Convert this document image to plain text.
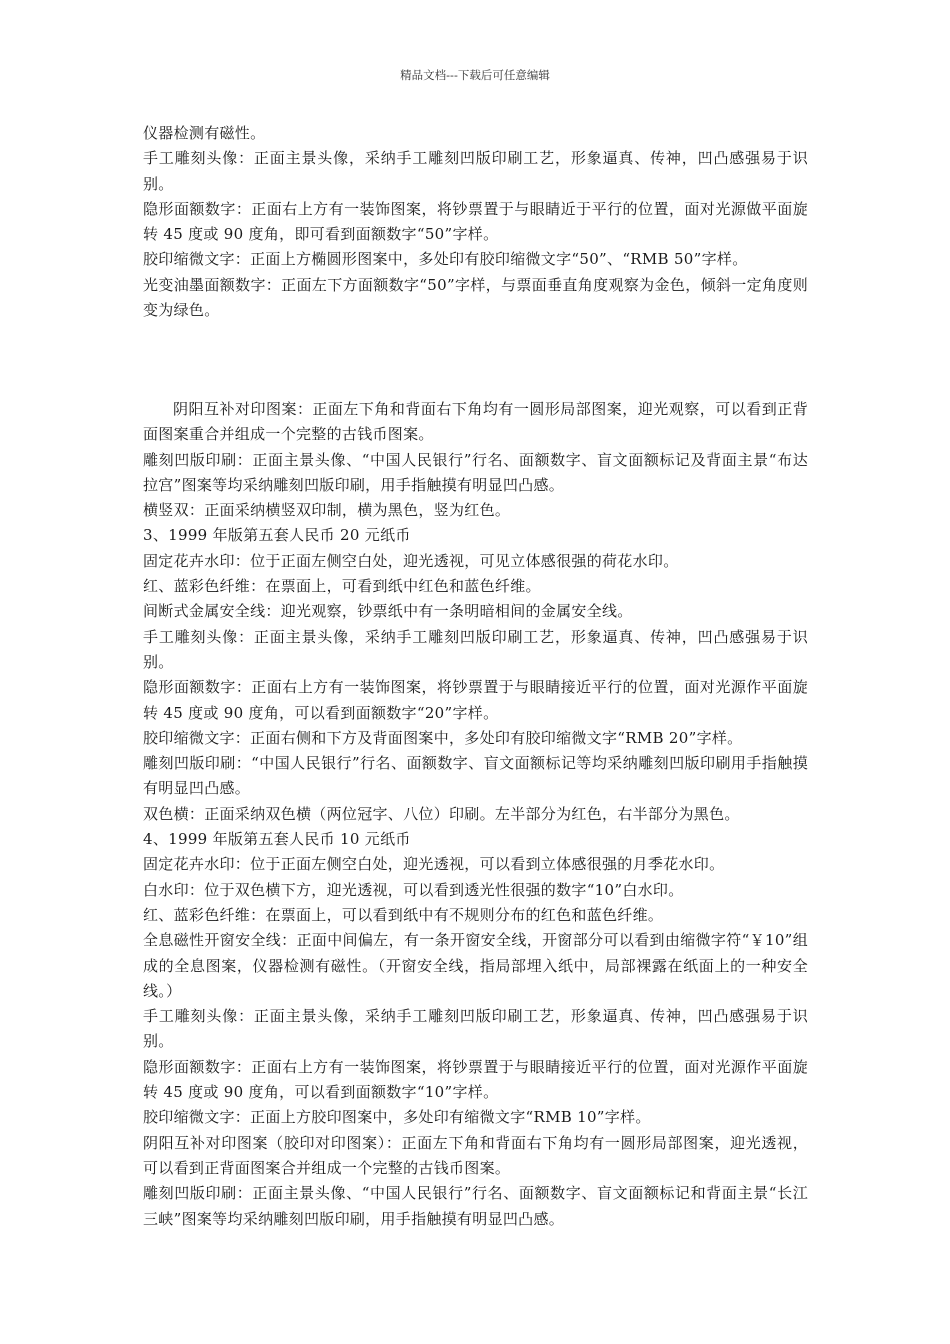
精品文档---下载后可任意编辑

仪器检测有磁性。

手工雕刻头像：正面主景头像，采纳手工雕刻凹版印刷工艺，形象逼真、传神，凹凸感强易于识别。

隐形面额数字：正面右上方有一装饰图案，将钞票置于与眼睛近于平行的位置，面对光源做平面旋转 45 度或 90 度角，即可看到面额数字“50”字样。

胶印缩微文字：正面上方椭圆形图案中，多处印有胶印缩微文字“50”、“RMB 50”字样。

光变油墨面额数字：正面左下方面额数字“50”字样，与票面垂直角度观察为金色，倾斜一定角度则变为绿色。

阴阳互补对印图案：正面左下角和背面右下角均有一圆形局部图案，迎光观察，可以看到正背面图案重合并组成一个完整的古钱币图案。

雕刻凹版印刷：正面主景头像、“中国人民银行”行名、面额数字、盲文面额标记及背面主景“布达拉宫”图案等均采纳雕刻凹版印刷，用手指触摸有明显凹凸感。

横竖双：正面采纳横竖双印制，横为黑色，竖为红色。

3、1999 年版第五套人民币 20 元纸币

固定花卉水印：位于正面左侧空白处，迎光透视，可见立体感很强的荷花水印。

红、蓝彩色纤维：在票面上，可看到纸中红色和蓝色纤维。

间断式金属安全线：迎光观察，钞票纸中有一条明暗相间的金属安全线。

手工雕刻头像：正面主景头像，采纳手工雕刻凹版印刷工艺，形象逼真、传神，凹凸感强易于识别。

隐形面额数字：正面右上方有一装饰图案，将钞票置于与眼睛接近平行的位置，面对光源作平面旋转 45 度或 90 度角，可以看到面额数字“20”字样。

胶印缩微文字：正面右侧和下方及背面图案中，多处印有胶印缩微文字“RMB 20”字样。

雕刻凹版印刷：“中国人民银行”行名、面额数字、盲文面额标记等均采纳雕刻凹版印刷用手指触摸有明显凹凸感。

双色横：正面采纳双色横（两位冠字、八位）印刷。左半部分为红色，右半部分为黑色。

4、1999 年版第五套人民币 10 元纸币

固定花卉水印：位于正面左侧空白处，迎光透视，可以看到立体感很强的月季花水印。

白水印：位于双色横下方，迎光透视，可以看到透光性很强的数字“10”白水印。

红、蓝彩色纤维：在票面上，可以看到纸中有不规则分布的红色和蓝色纤维。

全息磁性开窗安全线：正面中间偏左，有一条开窗安全线，开窗部分可以看到由缩微字符“￥10”组成的全息图案，仪器检测有磁性。（开窗安全线，指局部埋入纸中，局部裸露在纸面上的一种安全线。）

手工雕刻头像：正面主景头像，采纳手工雕刻凹版印刷工艺，形象逼真、传神，凹凸感强易于识别。

隐形面额数字：正面右上方有一装饰图案，将钞票置于与眼睛接近平行的位置，面对光源作平面旋转 45 度或 90 度角，可以看到面额数字“10”字样。

胶印缩微文字：正面上方胶印图案中，多处印有缩微文字“RMB 10”字样。

阴阳互补对印图案（胶印对印图案）：正面左下角和背面右下角均有一圆形局部图案，迎光透视，可以看到正背面图案合并组成一个完整的古钱币图案。

雕刻凹版印刷：正面主景头像、“中国人民银行”行名、面额数字、盲文面额标记和背面主景“长江三峡”图案等均采纳雕刻凹版印刷，用手指触摸有明显凹凸感。
